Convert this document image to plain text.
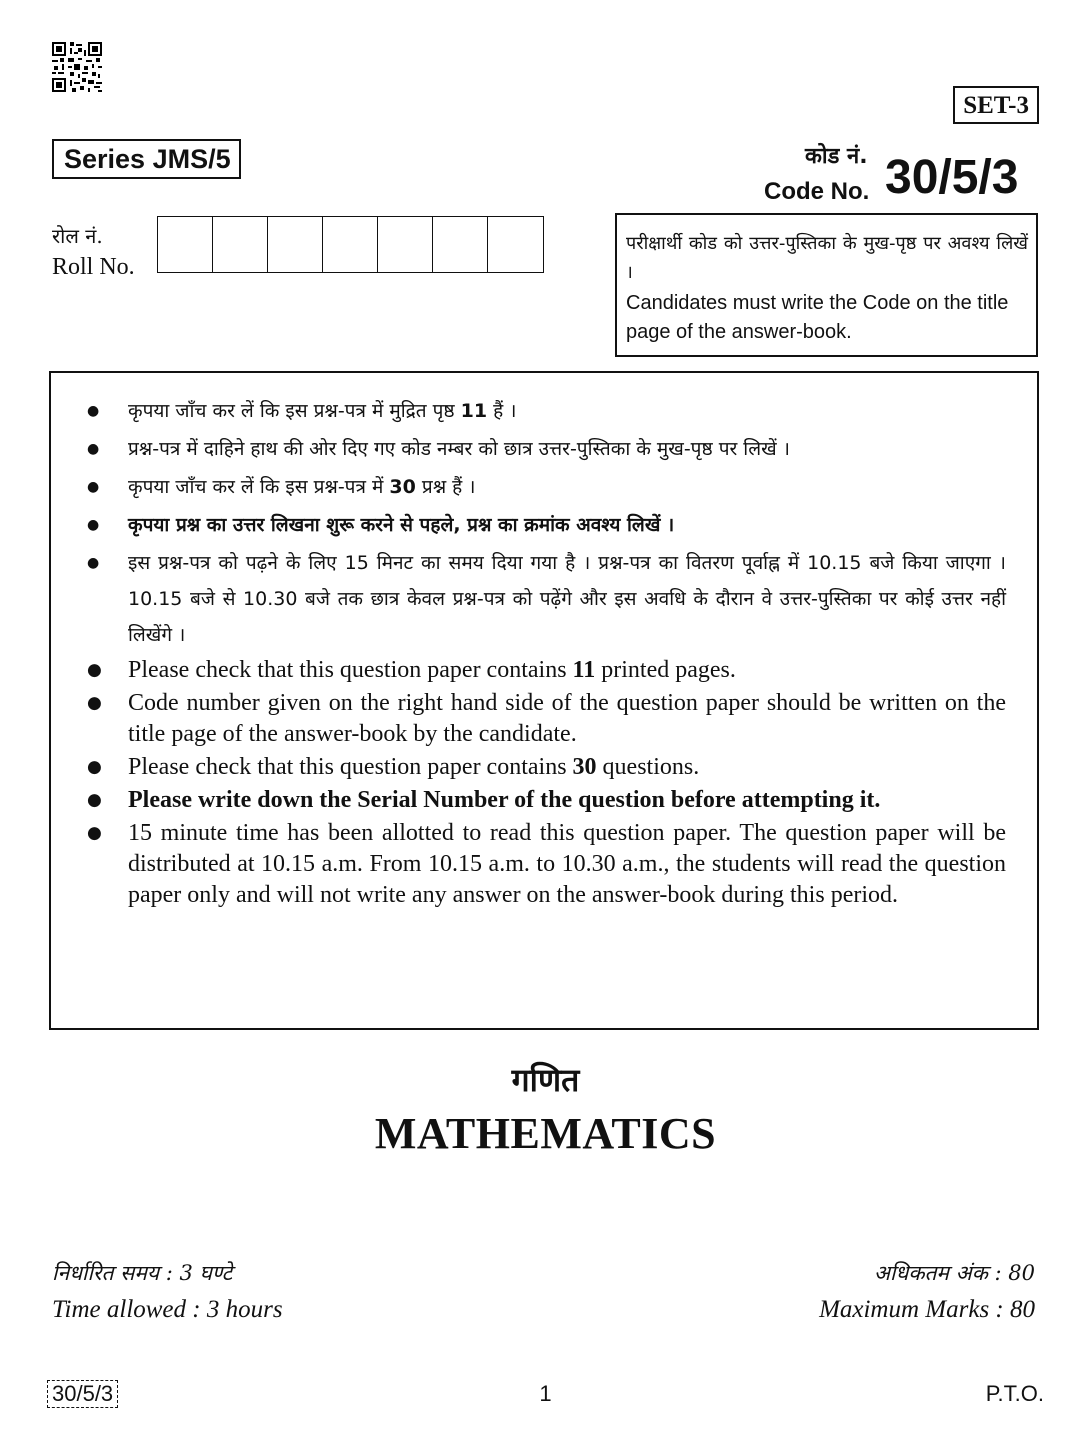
SET-3
Series JMS/5	कोड नं.
Code No. 30/5/3
रोल नं.
Roll No.
परीक्षार्थी कोड को उत्तर-पुस्तिका के मुख-पृष्ठ पर अवश्य लिखें ।
Candidates must write the Code on the title page of the answer-book.
● कृपया जाँच कर लें कि इस प्रश्न-पत्र में मुद्रित पृष्ठ 11 हैं ।
● प्रश्न-पत्र में दाहिने हाथ की ओर दिए गए कोड नम्बर को छात्र उत्तर-पुस्तिका के मुख-पृष्ठ पर लिखें ।
● कृपया जाँच कर लें कि इस प्रश्न-पत्र में 30 प्रश्न हैं ।
● कृपया प्रश्न का उत्तर लिखना शुरू करने से पहले, प्रश्न का क्रमांक अवश्य लिखें ।
● इस प्रश्न-पत्र को पढ़ने के लिए 15 मिनट का समय दिया गया है । प्रश्न-पत्र का वितरण पूर्वाह्न में 10.15 बजे किया जाएगा । 10.15 बजे से 10.30 बजे तक छात्र केवल प्रश्न-पत्र को पढ़ेंगे और इस अवधि के दौरान वे उत्तर-पुस्तिका पर कोई उत्तर नहीं लिखेंगे ।
● Please check that this question paper contains 11 printed pages.
● Code number given on the right hand side of the question paper should be written on the title page of the answer-book by the candidate.
● Please check that this question paper contains 30 questions.
● Please write down the Serial Number of the question before attempting it.
● 15 minute time has been allotted to read this question paper. The question paper will be distributed at 10.15 a.m. From 10.15 a.m. to 10.30 a.m., the students will read the question paper only and will not write any answer on the answer-book during this period.
गणित
MATHEMATICS
निर्धारित समय : 3 घण्टे
Time allowed : 3 hours
अधिकतम अंक : 80
Maximum Marks : 80
30/5/3	1	P.T.O.
